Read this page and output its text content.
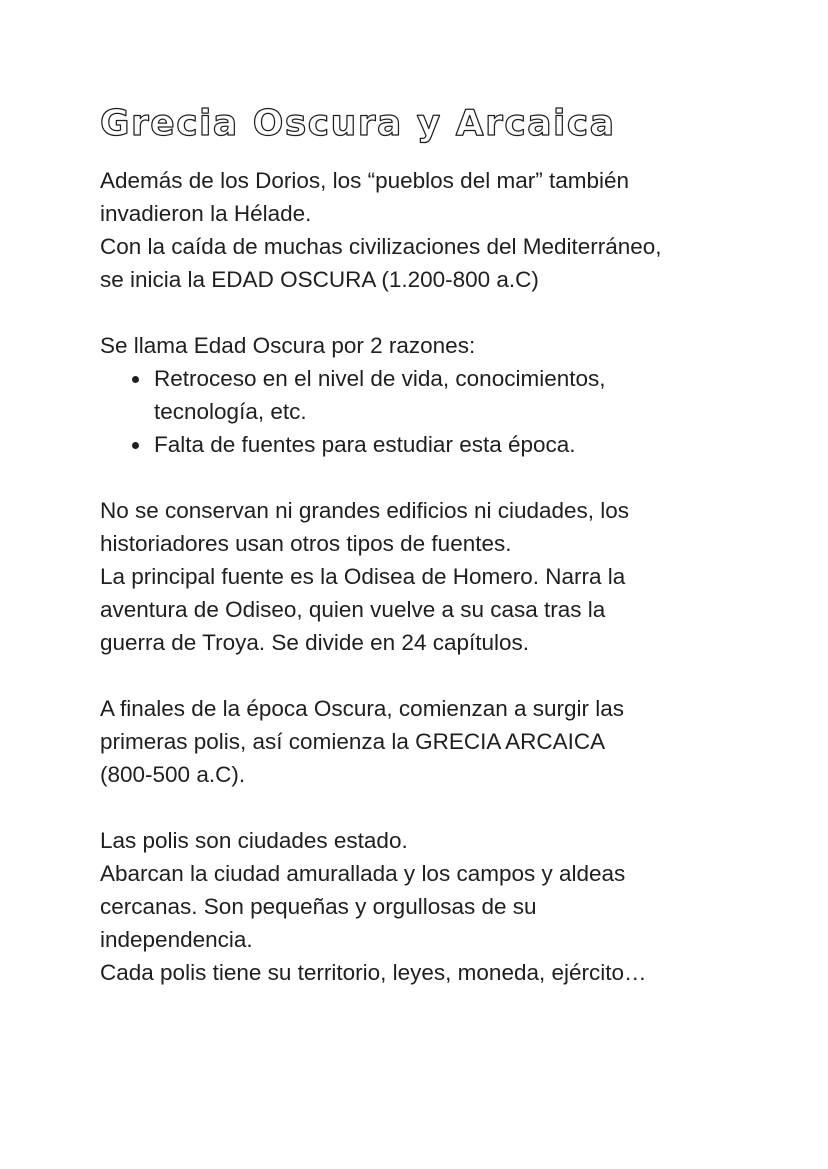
Grecia Oscura y Arcaica
Además de los Dorios, los “pueblos del mar” también
invadieron la Hélade.
Con la caída de muchas civilizaciones del Mediterráneo,
se inicia la EDAD OSCURA (1.200-800 a.C)
Se llama Edad Oscura por 2 razones:
• Retroceso en el nivel de vida, conocimientos,
tecnología, etc.
• Falta de fuentes para estudiar esta época.
No se conservan ni grandes edificios ni ciudades, los
historiadores usan otros tipos de fuentes.
La principal fuente es la Odisea de Homero. Narra la
aventura de Odiseo, quien vuelve a su casa tras la
guerra de Troya. Se divide en 24 capítulos.
A finales de la época Oscura, comienzan a surgir las
primeras polis, así comienza la GRECIA ARCAICA
(800-500 a.C).
Las polis son ciudades estado.
Abarcan la ciudad amurallada y los campos y aldeas
cercanas. Son pequeñas y orgullosas de su
independencia.
Cada polis tiene su territorio, leyes, moneda, ejército…
